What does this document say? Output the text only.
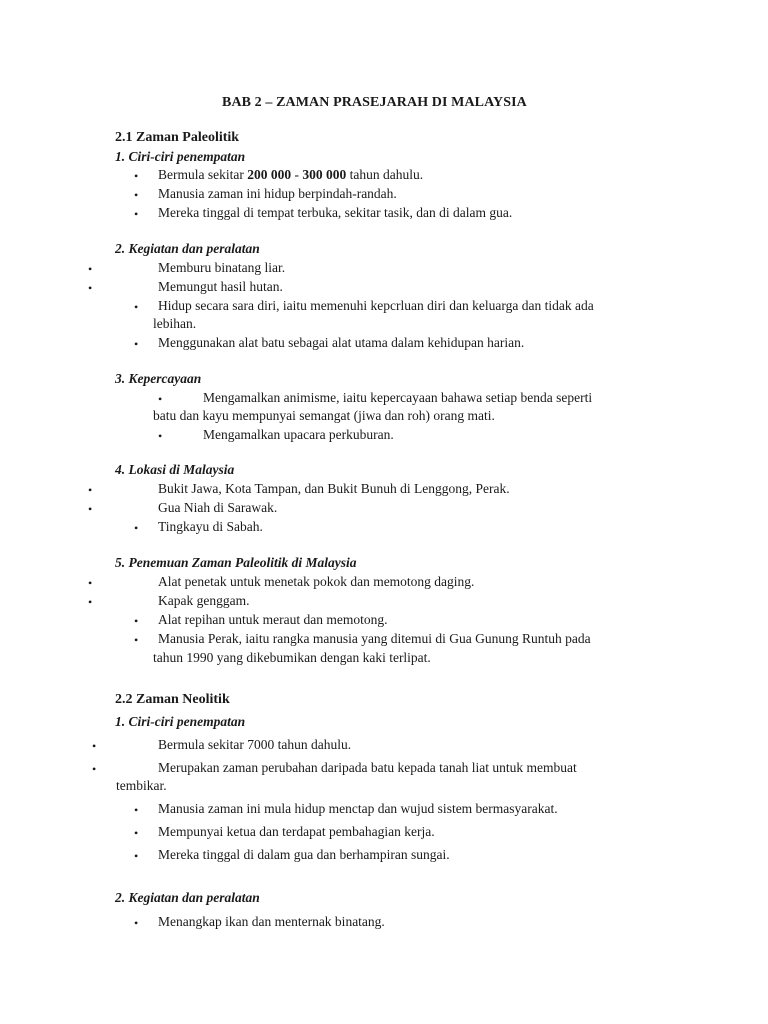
BAB 2 – ZAMAN PRASEJARAH DI MALAYSIA
2.1 Zaman Paleolitik
1. Ciri-ciri penempatan
• Bermula sekitar 200 000 - 300 000 tahun dahulu.
• Manusia zaman ini hidup berpindah-randah.
• Mereka tinggal di tempat terbuka, sekitar tasik, dan di dalam gua.
2. Kegiatan dan peralatan
•	Memburu binatang liar.
•	Memungut hasil hutan.
• Hidup secara sara diri, iaitu memenuhi kepcrluan diri dan keluarga dan tidak ada
lebihan.
• Menggunakan alat batu sebagai alat utama dalam kehidupan harian.
3. Kepercayaan
•	Mengamalkan animisme, iaitu kepercayaan bahawa setiap benda seperti
batu dan kayu mempunyai semangat (jiwa dan roh) orang mati.
•	Mengamalkan upacara perkuburan.
4. Lokasi di Malaysia
•	Bukit Jawa, Kota Tampan, dan Bukit Bunuh di Lenggong, Perak.
•	Gua Niah di Sarawak.
• Tingkayu di Sabah.
5. Penemuan Zaman Paleolitik di Malaysia
•	Alat penetak untuk menetak pokok dan memotong daging.
•	Kapak genggam.
• Alat repihan untuk meraut dan memotong.
• Manusia Perak, iaitu rangka manusia yang ditemui di Gua Gunung Runtuh pada
tahun 1990 yang dikebumikan dengan kaki terlipat.
2.2 Zaman Neolitik
1. Ciri-ciri penempatan
•	Bermula sekitar 7000 tahun dahulu.
•	Merupakan zaman perubahan daripada batu kepada tanah liat untuk membuat
tembikar.
• Manusia zaman ini mula hidup menctap dan wujud sistem bermasyarakat.
• Mempunyai ketua dan terdapat pembahagian kerja.
• Mereka tinggal di dalam gua dan berhampiran sungai.
2. Kegiatan dan peralatan
• Menangkap ikan dan menternak binatang.
